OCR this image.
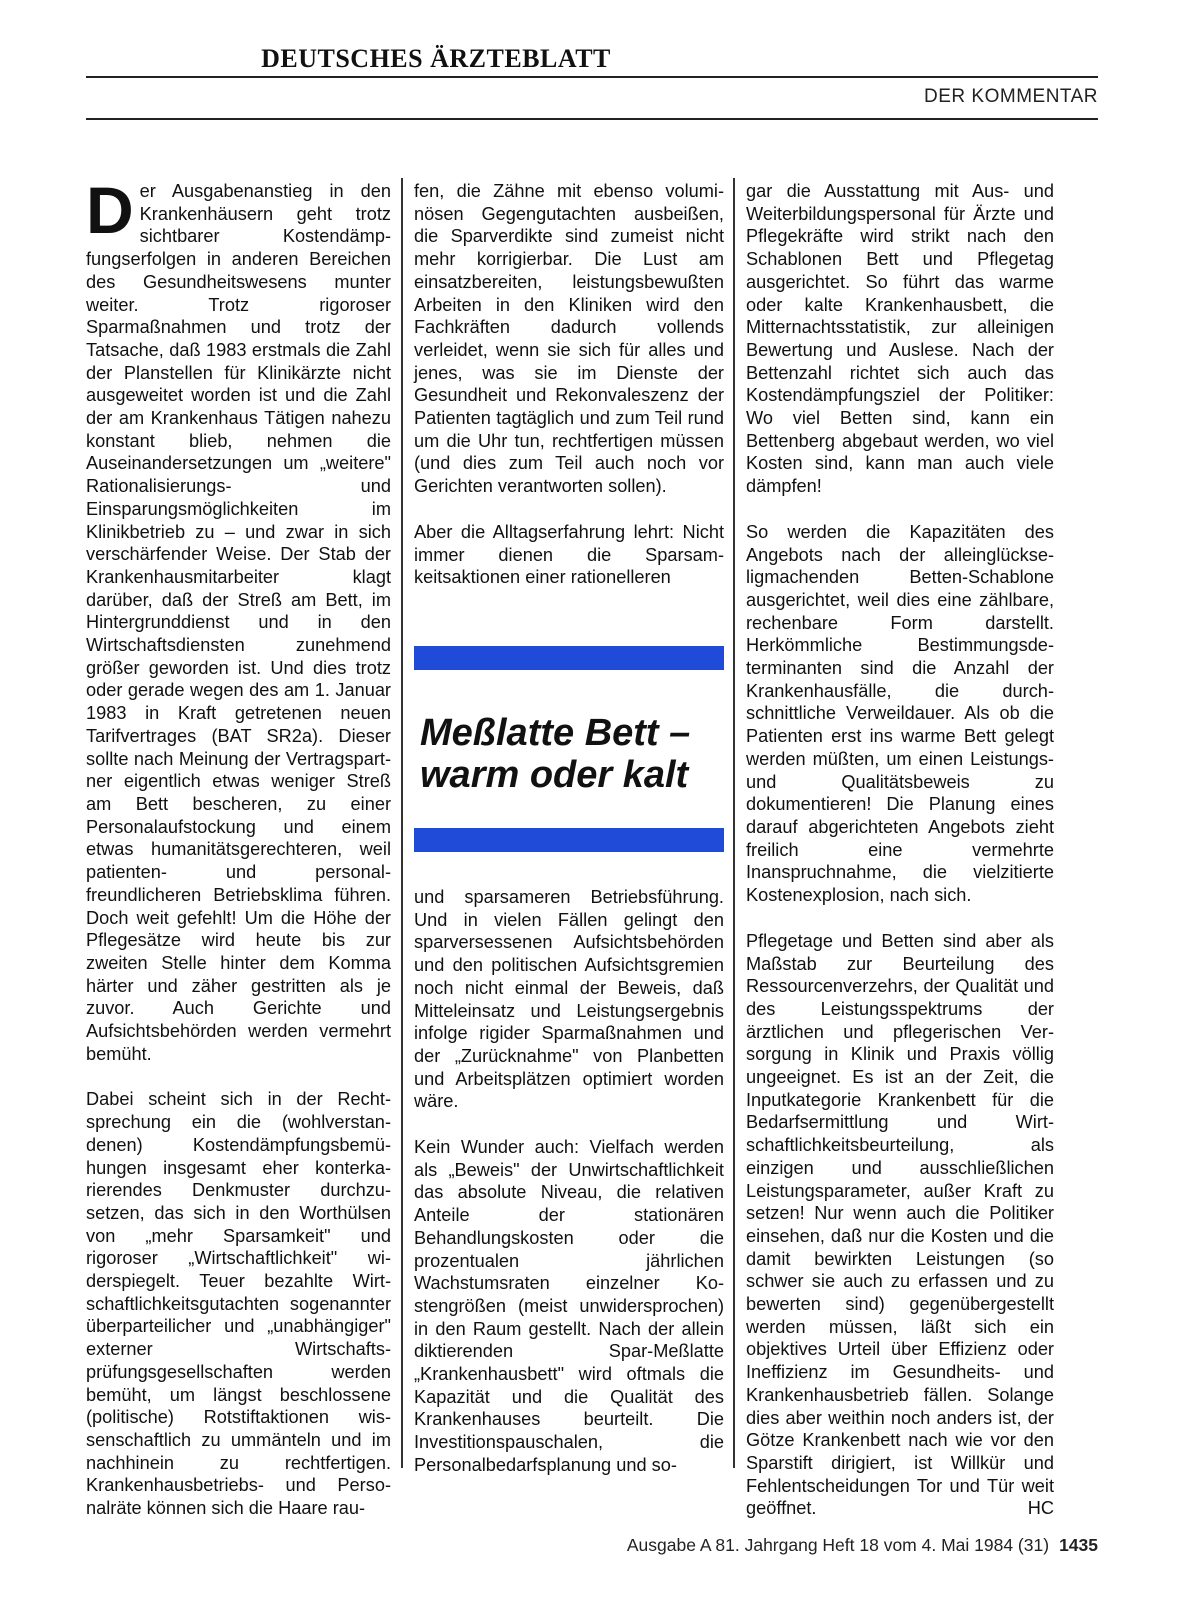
DEUTSCHES ÄRZTEBLATT
DER KOMMENTAR

Der Ausgabenanstieg in den Krankenhäusern geht trotz sichtbarer Kostendämpfungserfolgen in anderen Bereichen des Gesundheitswesens munter weiter. Trotz rigoroser Sparmaßnahmen und trotz der Tatsache, daß 1983 erstmals die Zahl der Planstellen für Klinikärzte nicht ausgeweitet worden ist und die Zahl der am Krankenhaus Tätigen nahezu konstant blieb, nehmen die Auseinandersetzungen um „weitere" Rationalisierungs- und Einsparungsmöglichkeiten im Klinikbetrieb zu – und zwar in sich verschärfender Weise. Der Stab der Krankenhausmitarbeiter klagt darüber, daß der Streß am Bett, im Hintergrunddienst und in den Wirtschaftsdiensten zunehmend größer geworden ist. Und dies trotz oder gerade wegen des am 1. Januar 1983 in Kraft getretenen neuen Tarifvertrages (BAT SR2a). Dieser sollte nach Meinung der Vertragspartner eigentlich etwas weniger Streß am Bett bescheren, zu einer Personalaufstockung und einem etwas humanitätsgerechteren, weil patienten- und personalfreundlicheren Betriebsklima führen. Doch weit gefehlt! Um die Höhe der Pflegesätze wird heute bis zur zweiten Stelle hinter dem Komma härter und zäher gestritten als je zuvor. Auch Gerichte und Aufsichtsbehörden werden vermehrt bemüht.

Dabei scheint sich in der Rechtsprechung ein die (wohlverstandenen) Kostendämpfungsbemühungen insgesamt eher konterkarierendes Denkmuster durchzusetzen, das sich in den Worthülsen von „mehr Sparsamkeit" und rigoroser „Wirtschaftlichkeit" widerspiegelt. Teuer bezahlte Wirtschaftlichkeitsgutachten sogenannter überparteilicher und „unabhängiger" externer Wirtschaftsprüfungsgesellschaften werden bemüht, um längst beschlossene (politische) Rotstiftaktionen wissenschaftlich zu ummänteln und im nachhinein zu rechtfertigen. Krankenhausbetriebs- und Personalräte können sich die Haare rau-

fen, die Zähne mit ebenso voluminösen Gegengutachten ausbeißen, die Sparverdikte sind zumeist nicht mehr korrigierbar. Die Lust am einsatzbereiten, leistungsbewußten Arbeiten in den Kliniken wird den Fachkräften dadurch vollends verleidet, wenn sie sich für alles und jenes, was sie im Dienste der Gesundheit und Rekonvaleszenz der Patienten tagtäglich und zum Teil rund um die Uhr tun, rechtfertigen müssen (und dies zum Teil auch noch vor Gerichten verantworten sollen).

Aber die Alltagserfahrung lehrt: Nicht immer dienen die Sparsamkeitsaktionen einer rationelleren

Meßlatte Bett –
warm oder kalt

und sparsameren Betriebsführung. Und in vielen Fällen gelingt den sparversessenen Aufsichtsbehörden und den politischen Aufsichtsgremien noch nicht einmal der Beweis, daß Mitteleinsatz und Leistungsergebnis infolge rigider Sparmaßnahmen und der „Zurücknahme" von Planbetten und Arbeitsplätzen optimiert worden wäre.

Kein Wunder auch: Vielfach werden als „Beweis" der Unwirtschaftlichkeit das absolute Niveau, die relativen Anteile der stationären Behandlungskosten oder die prozentualen jährlichen Wachstumsraten einzelner Kostengrößen (meist unwidersprochen) in den Raum gestellt. Nach der allein diktierenden Spar-Meßlatte „Krankenhausbett" wird oftmals die Kapazität und die Qualität des Krankenhauses beurteilt. Die Investitionspauschalen, die Personalbedarfsplanung und so-

gar die Ausstattung mit Aus- und Weiterbildungspersonal für Ärzte und Pflegekräfte wird strikt nach den Schablonen Bett und Pflegetag ausgerichtet. So führt das warme oder kalte Krankenhausbett, die Mitternachtsstatistik, zur alleinigen Bewertung und Auslese. Nach der Bettenzahl richtet sich auch das Kostendämpfungsziel der Politiker: Wo viel Betten sind, kann ein Bettenberg abgebaut werden, wo viel Kosten sind, kann man auch viele dämpfen!

So werden die Kapazitäten des Angebots nach der alleinglückseligmachenden Betten-Schablone ausgerichtet, weil dies eine zählbare, rechenbare Form darstellt. Herkömmliche Bestimmungsdeterminanten sind die Anzahl der Krankenhausfälle, die durchschnittliche Verweildauer. Als ob die Patienten erst ins warme Bett gelegt werden müßten, um einen Leistungs- und Qualitätsbeweis zu dokumentieren! Die Planung eines darauf abgerichteten Angebots zieht freilich eine vermehrte Inanspruchnahme, die vielzitierte Kostenexplosion, nach sich.

Pflegetage und Betten sind aber als Maßstab zur Beurteilung des Ressourcenverzehrs, der Qualität und des Leistungsspektrums der ärztlichen und pflegerischen Versorgung in Klinik und Praxis völlig ungeeignet. Es ist an der Zeit, die Inputkategorie Krankenbett für die Bedarfsermittlung und Wirtschaftlichkeitsbeurteilung, als einzigen und ausschließlichen Leistungsparameter, außer Kraft zu setzen! Nur wenn auch die Politiker einsehen, daß nur die Kosten und die damit bewirkten Leistungen (so schwer sie auch zu erfassen und zu bewerten sind) gegenübergestellt werden müssen, läßt sich ein objektives Urteil über Effizienz oder Ineffizienz im Gesundheits- und Krankenhausbetrieb fällen. Solange dies aber weithin noch anders ist, der Götze Krankenbett nach wie vor den Sparstift dirigiert, ist Willkür und Fehlentscheidungen Tor und Tür weit geöffnet.	HC

Ausgabe A 81. Jahrgang Heft 18 vom 4. Mai 1984 (31) 1435
